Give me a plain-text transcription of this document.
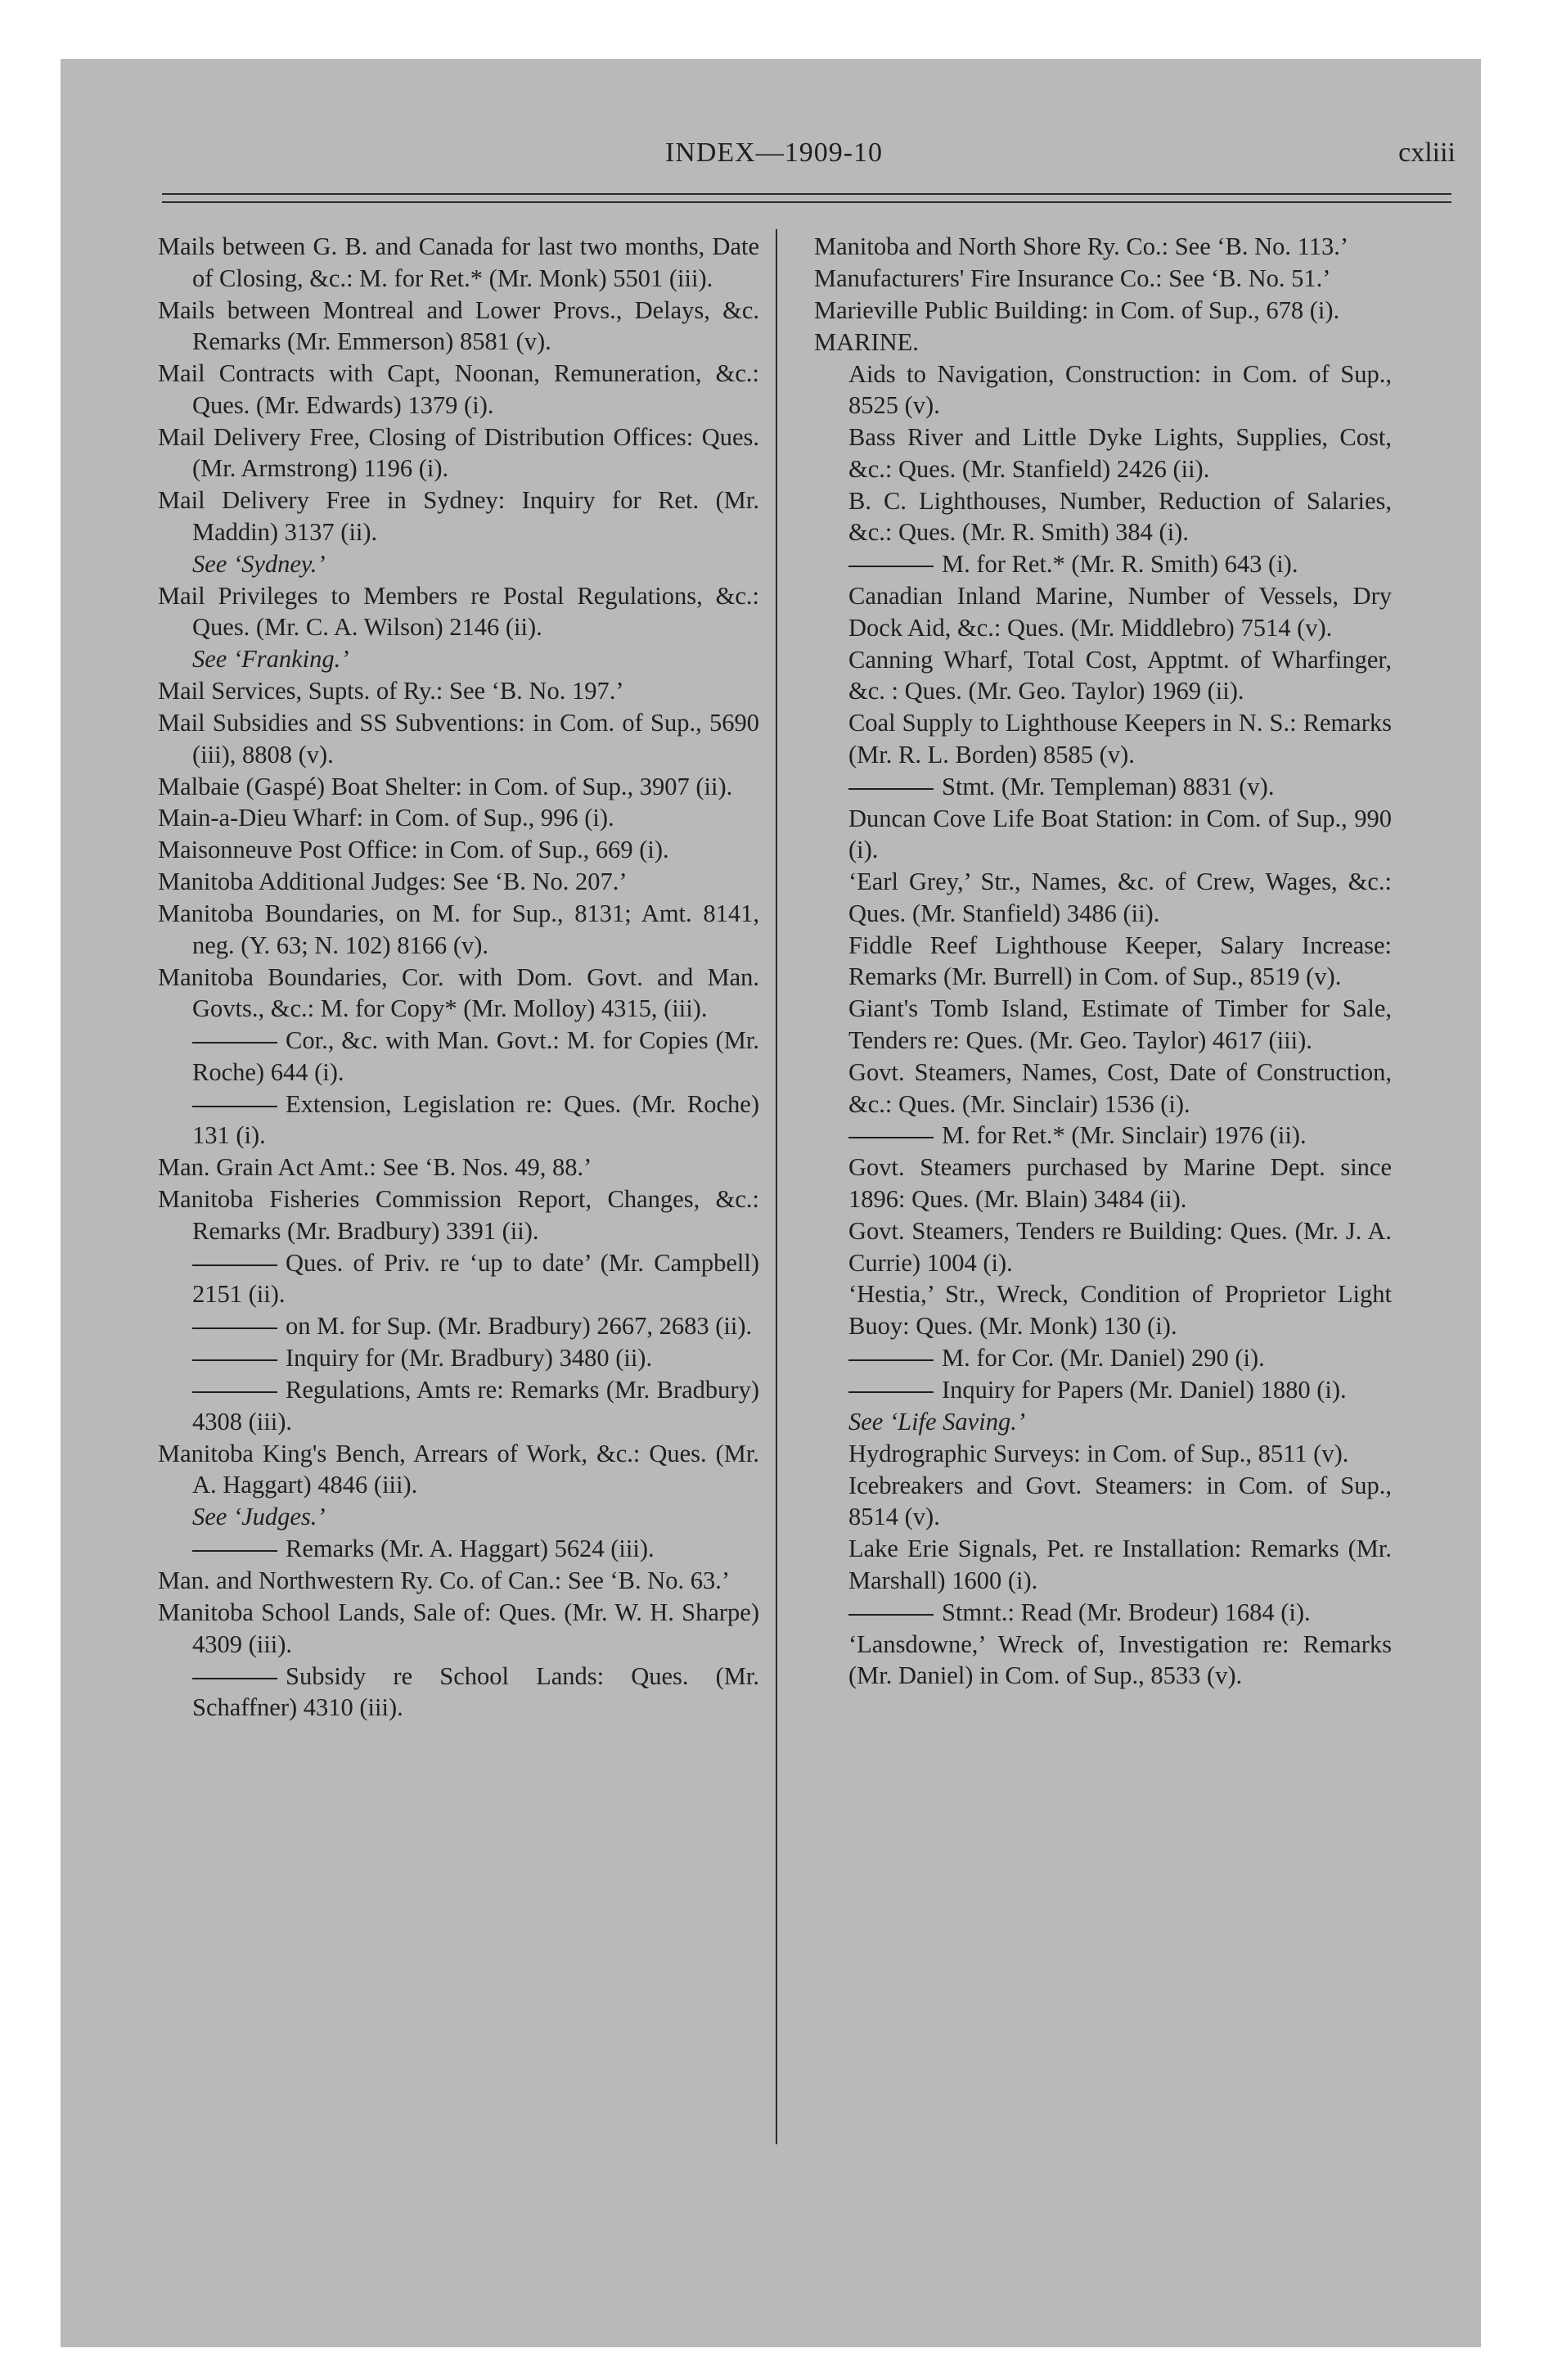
INDEX—1909-10	cxliii

Mails between G. B. and Canada for last two months, Date of Closing, &c.: M. for Ret.* (Mr. Monk) 5501 (iii).

Mails between Montreal and Lower Provs., Delays, &c. Remarks (Mr. Emmerson) 8581 (v).

Mail Contracts with Capt, Noonan, Remuneration, &c.: Ques. (Mr. Edwards) 1379 (i).

Mail Delivery Free, Closing of Distribution Offices: Ques. (Mr. Armstrong) 1196 (i).

Mail Delivery Free in Sydney: Inquiry for Ret. (Mr. Maddin) 3137 (ii).

See ‘Sydney.’

Mail Privileges to Members re Postal Regulations, &c.: Ques. (Mr. C. A. Wilson) 2146 (ii).

See ‘Franking.’

Mail Services, Supts. of Ry.: See ‘B. No. 197.’

Mail Subsidies and SS Subventions: in Com. of Sup., 5690 (iii), 8808 (v).

Malbaie (Gaspé) Boat Shelter: in Com. of Sup., 3907 (ii).

Main-a-Dieu Wharf: in Com. of Sup., 996 (i).

Maisonneuve Post Office: in Com. of Sup., 669 (i).

Manitoba Additional Judges: See ‘B. No. 207.’

Manitoba Boundaries, on M. for Sup., 8131; Amt. 8141, neg. (Y. 63; N. 102) 8166 (v).

Manitoba Boundaries, Cor. with Dom. Govt. and Man. Govts., &c.: M. for Copy* (Mr. Molloy) 4315, (iii).

Cor., &c. with Man. Govt.: M. for Copies (Mr. Roche) 644 (i).

Extension, Legislation re: Ques. (Mr. Roche) 131 (i).

Man. Grain Act Amt.: See ‘B. Nos. 49, 88.’

Manitoba Fisheries Commission Report, Changes, &c.: Remarks (Mr. Bradbury) 3391 (ii).

Ques. of Priv. re ‘up to date’ (Mr. Campbell) 2151 (ii).

on M. for Sup. (Mr. Bradbury) 2667, 2683 (ii).

Inquiry for (Mr. Bradbury) 3480 (ii).

Regulations, Amts re: Remarks (Mr. Bradbury) 4308 (iii).

Manitoba King's Bench, Arrears of Work, &c.: Ques. (Mr. A. Haggart) 4846 (iii).

See ‘Judges.’

Remarks (Mr. A. Haggart) 5624 (iii).

Man. and Northwestern Ry. Co. of Can.: See ‘B. No. 63.’

Manitoba School Lands, Sale of: Ques. (Mr. W. H. Sharpe) 4309 (iii).

Subsidy re School Lands: Ques. (Mr. Schaffner) 4310 (iii).

Manitoba and North Shore Ry. Co.: See ‘B. No. 113.’

Manufacturers' Fire Insurance Co.: See ‘B. No. 51.’

Marieville Public Building: in Com. of Sup., 678 (i).

MARINE.

Aids to Navigation, Construction: in Com. of Sup., 8525 (v).

Bass River and Little Dyke Lights, Supplies, Cost, &c.: Ques. (Mr. Stanfield) 2426 (ii).

B. C. Lighthouses, Number, Reduction of Salaries, &c.: Ques. (Mr. R. Smith) 384 (i).

M. for Ret.* (Mr. R. Smith) 643 (i).

Canadian Inland Marine, Number of Vessels, Dry Dock Aid, &c.: Ques. (Mr. Middlebro) 7514 (v).

Canning Wharf, Total Cost, Apptmt. of Wharfinger, &c. : Ques. (Mr. Geo. Taylor) 1969 (ii).

Coal Supply to Lighthouse Keepers in N. S.: Remarks (Mr. R. L. Borden) 8585 (v).

Stmt. (Mr. Templeman) 8831 (v).

Duncan Cove Life Boat Station: in Com. of Sup., 990 (i).

‘Earl Grey,’ Str., Names, &c. of Crew, Wages, &c.: Ques. (Mr. Stanfield) 3486 (ii).

Fiddle Reef Lighthouse Keeper, Salary Increase: Remarks (Mr. Burrell) in Com. of Sup., 8519 (v).

Giant's Tomb Island, Estimate of Timber for Sale, Tenders re: Ques. (Mr. Geo. Taylor) 4617 (iii).

Govt. Steamers, Names, Cost, Date of Construction, &c.: Ques. (Mr. Sinclair) 1536 (i).

M. for Ret.* (Mr. Sinclair) 1976 (ii).

Govt. Steamers purchased by Marine Dept. since 1896: Ques. (Mr. Blain) 3484 (ii).

Govt. Steamers, Tenders re Building: Ques. (Mr. J. A. Currie) 1004 (i).

‘Hestia,’ Str., Wreck, Condition of Proprietor Light Buoy: Ques. (Mr. Monk) 130 (i).

M. for Cor. (Mr. Daniel) 290 (i).

Inquiry for Papers (Mr. Daniel) 1880 (i).

See ‘Life Saving.’

Hydrographic Surveys: in Com. of Sup., 8511 (v).

Icebreakers and Govt. Steamers: in Com. of Sup., 8514 (v).

Lake Erie Signals, Pet. re Installation: Remarks (Mr. Marshall) 1600 (i).

Stmnt.: Read (Mr. Brodeur) 1684 (i).

‘Lansdowne,’ Wreck of, Investigation re: Remarks (Mr. Daniel) in Com. of Sup., 8533 (v).
